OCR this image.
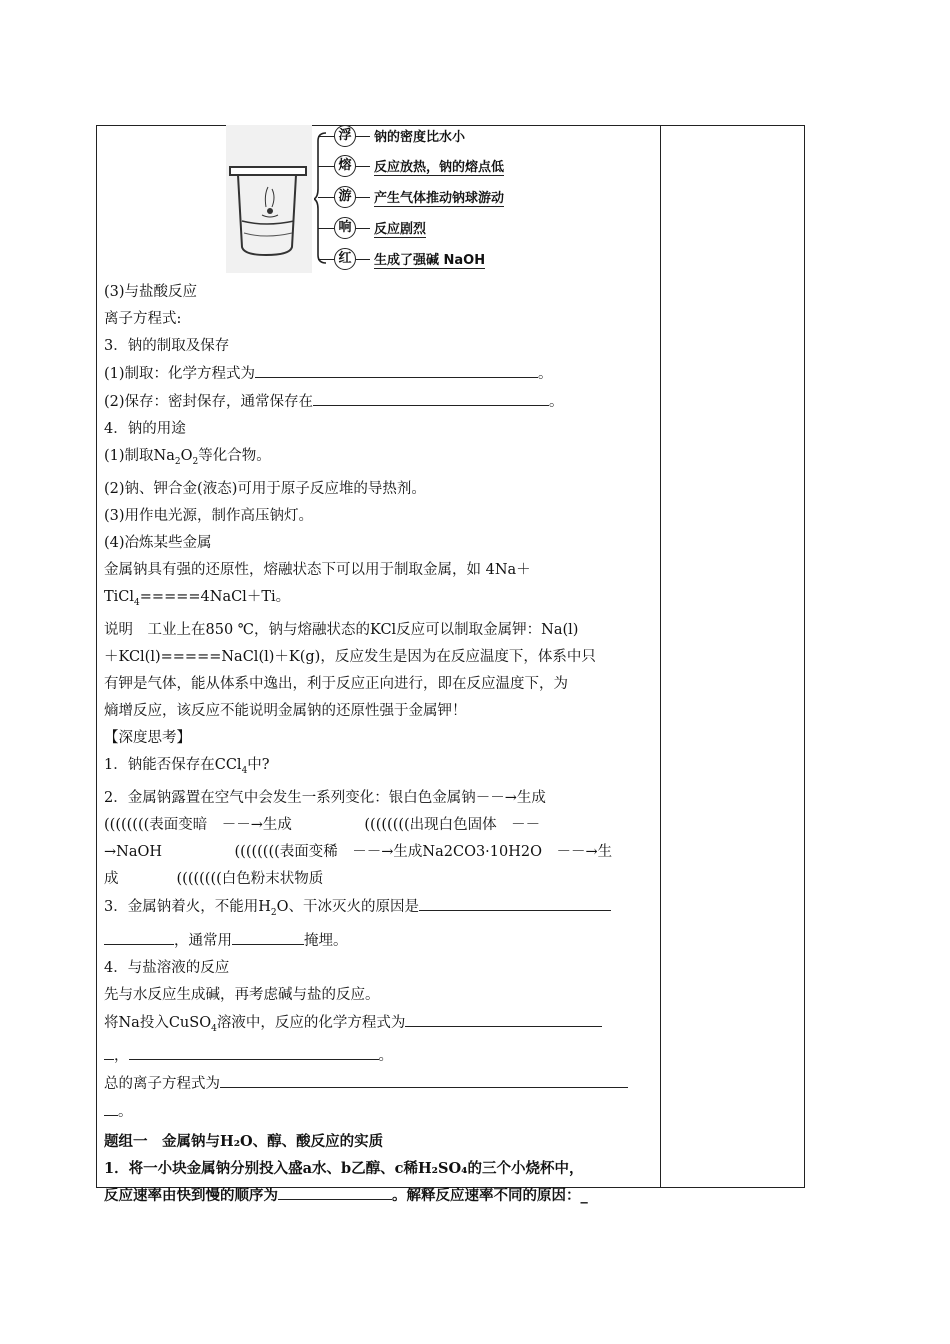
浮	钠的密度比水小
熔	反应放热，钠的熔点低
游	产生气体推动钠球游动
响	反应剧烈
红	生成了强碱 NaOH
(3)与盐酸反应
离子方程式:
3．钠的制取及保存
(1)制取：化学方程式为	。
(2)保存：密封保存，通常保存在	。
4．钠的用途
(1)制取$Na_2O_2$等化合物。
(2)钠、钾合金(液态)可用于原子反应堆的导热剂。
(3)用作电光源，制作高压钠灯。
(4)冶炼某些金属
金属钠具有强的还原性，熔融状态下可以用于制取金属，如 4Na＋
TiCl$_4$=====4NaCl＋Ti。
说明　工业上在850 ℃，钠与熔融状态的KCl反应可以制取金属钾：Na(l)
＋KCl(l)=====NaCl(l)＋K(g)，反应发生是因为在反应温度下，体系中只
有钾是气体，能从体系中逸出，利于反应正向进行，即在反应温度下，为
熵增反应，该反应不能说明金属钠的还原性强于金属钾！
【深度思考】
1．钠能否保存在CCl$_4$中?
2．金属钠露置在空气中会发生一系列变化：银白色金属钠－－→生成
((((((((表面变暗　－－→生成　　　　　((((((((出现白色固体　－－
→NaOH　　　　　((((((((表面变稀　－－→生成Na2CO3·10H2O　－－→生
成　　　　((((((((白色粉末状物质
3．金属钠着火，不能用$H_2O$、干冰灭火的原因是
，通常用	掩埋。
4．与盐溶液的反应
先与水反应生成碱，再考虑碱与盐的反应。
将Na投入CuSO$_4$溶液中，反应的化学方程式为
，	。
总的离子方程式为
。
题组一　金属钠与H₂O、醇、酸反应的实质
1．将一小块金属钠分别投入盛a水、b乙醇、c稀H₂SO₄的三个小烧杯中，
反应速率由快到慢的顺序为	。解释反应速率不同的原因：_
